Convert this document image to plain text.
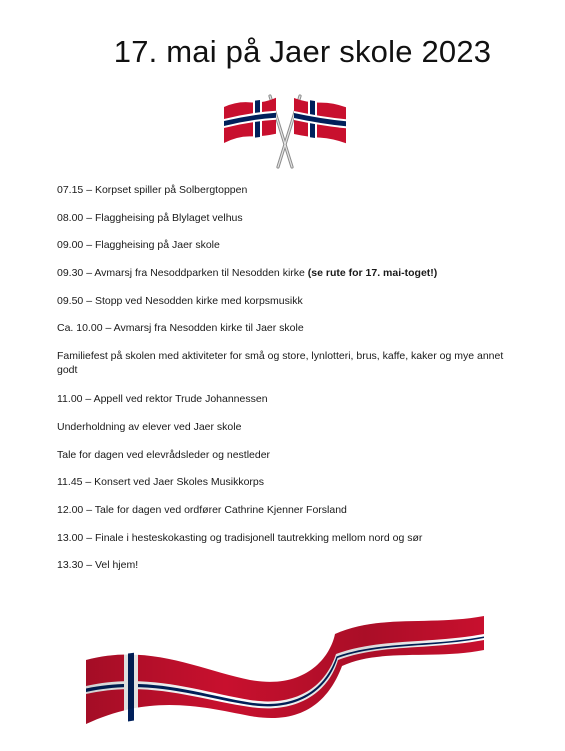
17. mai på Jaer skole 2023
07.15 – Korpset spiller på Solbergtoppen
08.00 – Flaggheising på Blylaget velhus
09.00 – Flaggheising på Jaer skole
09.30 – Avmarsj fra Nesoddparken til Nesodden kirke (se rute for 17. mai-toget!)
09.50 – Stopp ved Nesodden kirke med korpsmusikk
Ca. 10.00 – Avmarsj fra Nesodden kirke til Jaer skole
Familiefest på skolen med aktiviteter for små og store, lynlotteri, brus, kaffe, kaker og mye annet godt
11.00 – Appell ved rektor Trude Johannessen
Underholdning av elever ved Jaer skole
Tale for dagen ved elevrådsleder og nestleder
11.45 – Konsert ved Jaer Skoles Musikkorps
12.00 – Tale for dagen ved ordfører Cathrine Kjenner Forsland
13.00 – Finale i hesteskokasting og tradisjonell tautrekking mellom nord og sør
13.30 – Vel hjem!
